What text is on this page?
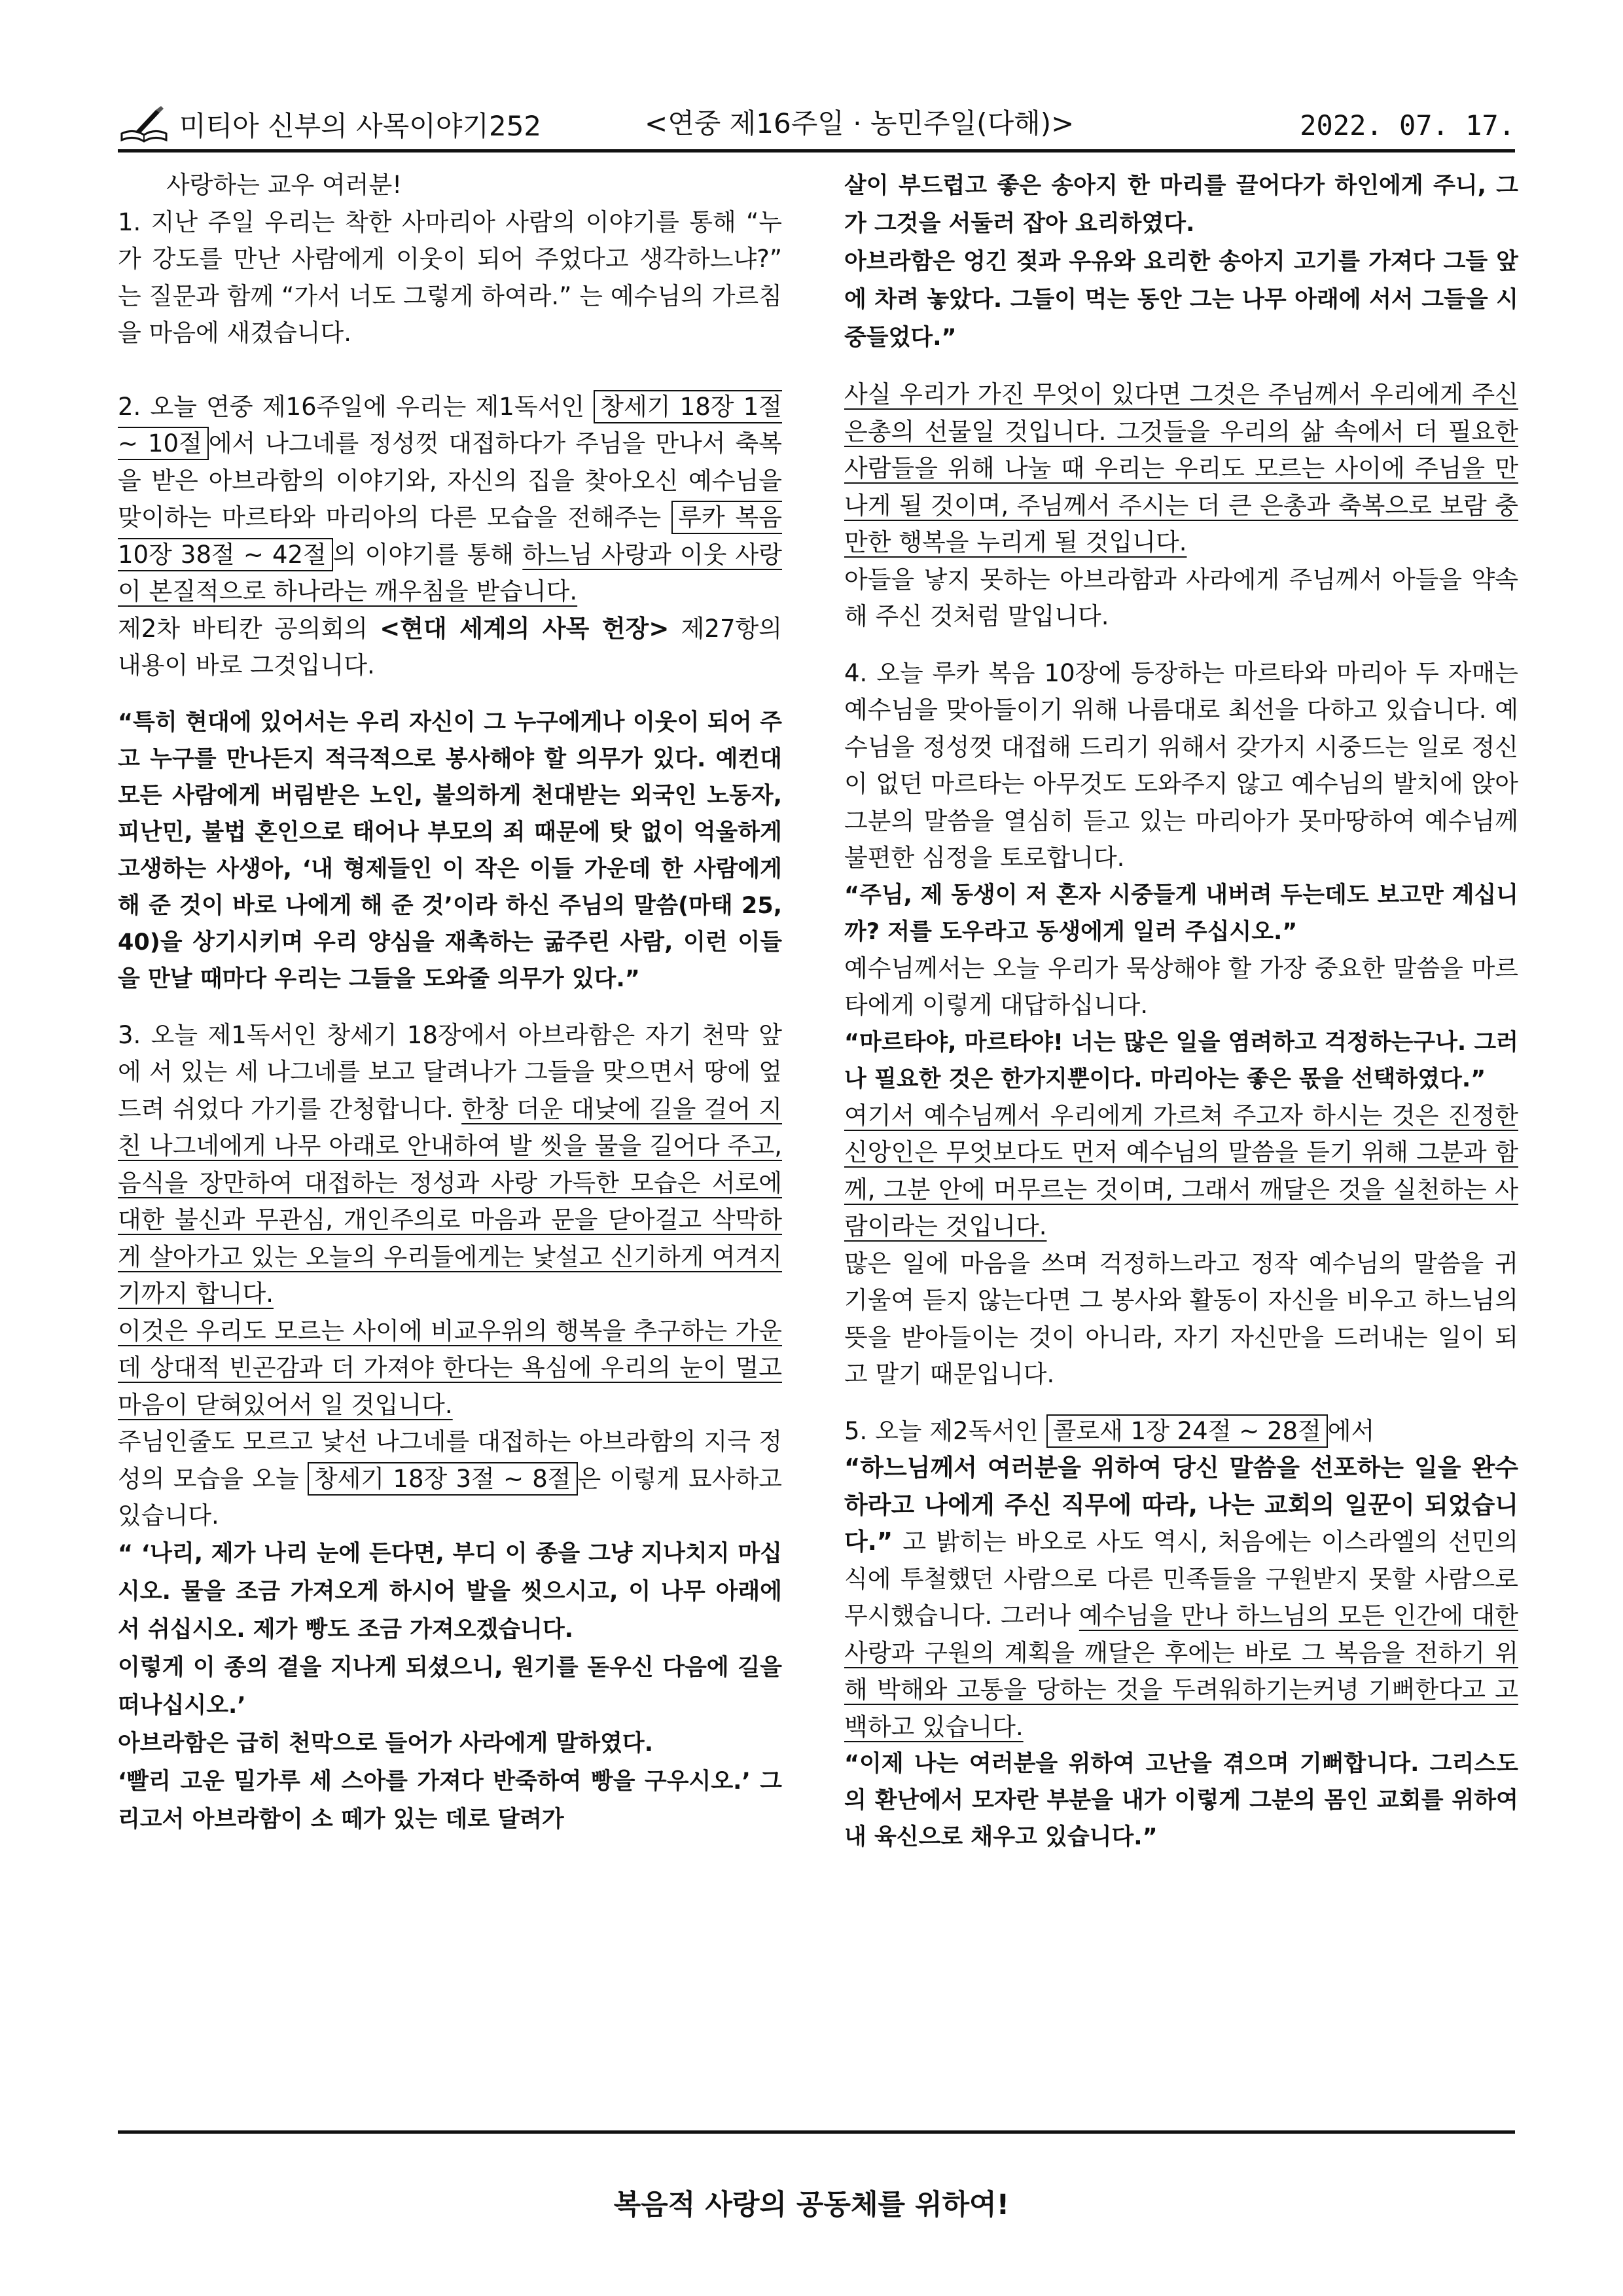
미티아 신부의 사목이야기252	<연중 제16주일 · 농민주일(다해)>	2022. 07. 17.

사랑하는 교우 여러분!

1. 지난 주일 우리는 착한 사마리아 사람의 이야기를 통해 “누가 강도를 만난 사람에게 이웃이 되어 주었다고 생각하느냐?” 는 질문과 함께 “가서 너도 그렇게 하여라.” 는 예수님의 가르침을 마음에 새겼습니다.

2. 오늘 연중 제16주일에 우리는 제1독서인 창세기 18장 1절 ~ 10절 에서 나그네를 정성껏 대접하다가 주님을 만나서 축복을 받은 아브라함의 이야기와, 자신의 집을 찾아오신 예수님을 맞이하는 마르타와 마리아의 다른 모습을 전해주는 루카 복음 10장 38절 ~ 42절 의 이야기를 통해 하느님 사랑과 이웃 사랑이 본질적으로 하나라는 깨우침을 받습니다.

제2차 바티칸 공의회의 <현대 세계의 사목 헌장> 제27항의 내용이 바로 그것입니다.

“특히 현대에 있어서는 우리 자신이 그 누구에게나 이웃이 되어 주고 누구를 만나든지 적극적으로 봉사해야 할 의무가 있다. 예컨대 모든 사람에게 버림받은 노인, 불의하게 천대받는 외국인 노동자, 피난민, 불법 혼인으로 태어나 부모의 죄 때문에 탓 없이 억울하게 고생하는 사생아, ‘내 형제들인 이 작은 이들 가운데 한 사람에게 해 준 것이 바로 나에게 해 준 것’이라 하신 주님의 말씀(마태 25, 40)을 상기시키며 우리 양심을 재촉하는 굶주린 사람, 이런 이들을 만날 때마다 우리는 그들을 도와줄 의무가 있다.”

3. 오늘 제1독서인 창세기 18장에서 아브라함은 자기 천막 앞에 서 있는 세 나그네를 보고 달려나가 그들을 맞으면서 땅에 엎드려 쉬었다 가기를 간청합니다. 한창 더운 대낮에 길을 걸어 지친 나그네에게 나무 아래로 안내하여 발 씻을 물을 길어다 주고, 음식을 장만하여 대접하는 정성과 사랑 가득한 모습은 서로에 대한 불신과 무관심, 개인주의로 마음과 문을 닫아걸고 삭막하게 살아가고 있는 오늘의 우리들에게는 낯설고 신기하게 여겨지기까지 합니다.

이것은 우리도 모르는 사이에 비교우위의 행복을 추구하는 가운데 상대적 빈곤감과 더 가져야 한다는 욕심에 우리의 눈이 멀고 마음이 닫혀있어서 일 것입니다.

주님인줄도 모르고 낯선 나그네를 대접하는 아브라함의 지극 정성의 모습을 오늘 창세기 18장 3절 ~ 8절 은 이렇게 묘사하고 있습니다.

“ ‘나리, 제가 나리 눈에 든다면, 부디 이 종을 그냥 지나치지 마십시오. 물을 조금 가져오게 하시어 발을 씻으시고, 이 나무 아래에서 쉬십시오. 제가 빵도 조금 가져오겠습니다.

이렇게 이 종의 곁을 지나게 되셨으니, 원기를 돋우신 다음에 길을 떠나십시오.’

아브라함은 급히 천막으로 들어가 사라에게 말하였다.

‘빨리 고운 밀가루 세 스아를 가져다 반죽하여 빵을 구우시오.’ 그리고서 아브라함이 소 떼가 있는 데로 달려가

살이 부드럽고 좋은 송아지 한 마리를 끌어다가 하인에게 주니, 그가 그것을 서둘러 잡아 요리하였다.

아브라함은 엉긴 젖과 우유와 요리한 송아지 고기를 가져다 그들 앞에 차려 놓았다. 그들이 먹는 동안 그는 나무 아래에 서서 그들을 시중들었다.”

사실 우리가 가진 무엇이 있다면 그것은 주님께서 우리에게 주신 은총의 선물일 것입니다. 그것들을 우리의 삶 속에서 더 필요한 사람들을 위해 나눌 때 우리는 우리도 모르는 사이에 주님을 만나게 될 것이며, 주님께서 주시는 더 큰 은총과 축복으로 보람 충만한 행복을 누리게 될 것입니다.

아들을 낳지 못하는 아브라함과 사라에게 주님께서 아들을 약속해 주신 것처럼 말입니다.

4. 오늘 루카 복음 10장에 등장하는 마르타와 마리아 두 자매는 예수님을 맞아들이기 위해 나름대로 최선을 다하고 있습니다. 예수님을 정성껏 대접해 드리기 위해서 갖가지 시중드는 일로 정신이 없던 마르타는 아무것도 도와주지 않고 예수님의 발치에 앉아 그분의 말씀을 열심히 듣고 있는 마리아가 못마땅하여 예수님께 불편한 심정을 토로합니다.

“주님, 제 동생이 저 혼자 시중들게 내버려 두는데도 보고만 계십니까? 저를 도우라고 동생에게 일러 주십시오.”

예수님께서는 오늘 우리가 묵상해야 할 가장 중요한 말씀을 마르타에게 이렇게 대답하십니다.

“마르타야, 마르타야! 너는 많은 일을 염려하고 걱정하는구나. 그러나 필요한 것은 한가지뿐이다. 마리아는 좋은 몫을 선택하였다.”

여기서 예수님께서 우리에게 가르쳐 주고자 하시는 것은 진정한 신앙인은 무엇보다도 먼저 예수님의 말씀을 듣기 위해 그분과 함께, 그분 안에 머무르는 것이며, 그래서 깨달은 것을 실천하는 사람이라는 것입니다.

많은 일에 마음을 쓰며 걱정하느라고 정작 예수님의 말씀을 귀 기울여 듣지 않는다면 그 봉사와 활동이 자신을 비우고 하느님의 뜻을 받아들이는 것이 아니라, 자기 자신만을 드러내는 일이 되고 말기 때문입니다.

5. 오늘 제2독서인 콜로새 1장 24절 ~ 28절 에서

“하느님께서 여러분을 위하여 당신 말씀을 선포하는 일을 완수하라고 나에게 주신 직무에 따라, 나는 교회의 일꾼이 되었습니다.” 고 밝히는 바오로 사도 역시, 처음에는 이스라엘의 선민의식에 투철했던 사람으로 다른 민족들을 구원받지 못할 사람으로 무시했습니다. 그러나 예수님을 만나 하느님의 모든 인간에 대한 사랑과 구원의 계획을 깨달은 후에는 바로 그 복음을 전하기 위해 박해와 고통을 당하는 것을 두려워하기는커녕 기뻐한다고 고백하고 있습니다.

“이제 나는 여러분을 위하여 고난을 겪으며 기뻐합니다. 그리스도의 환난에서 모자란 부분을 내가 이렇게 그분의 몸인 교회를 위하여 내 육신으로 채우고 있습니다.”

복음적 사랑의 공동체를 위하여!
